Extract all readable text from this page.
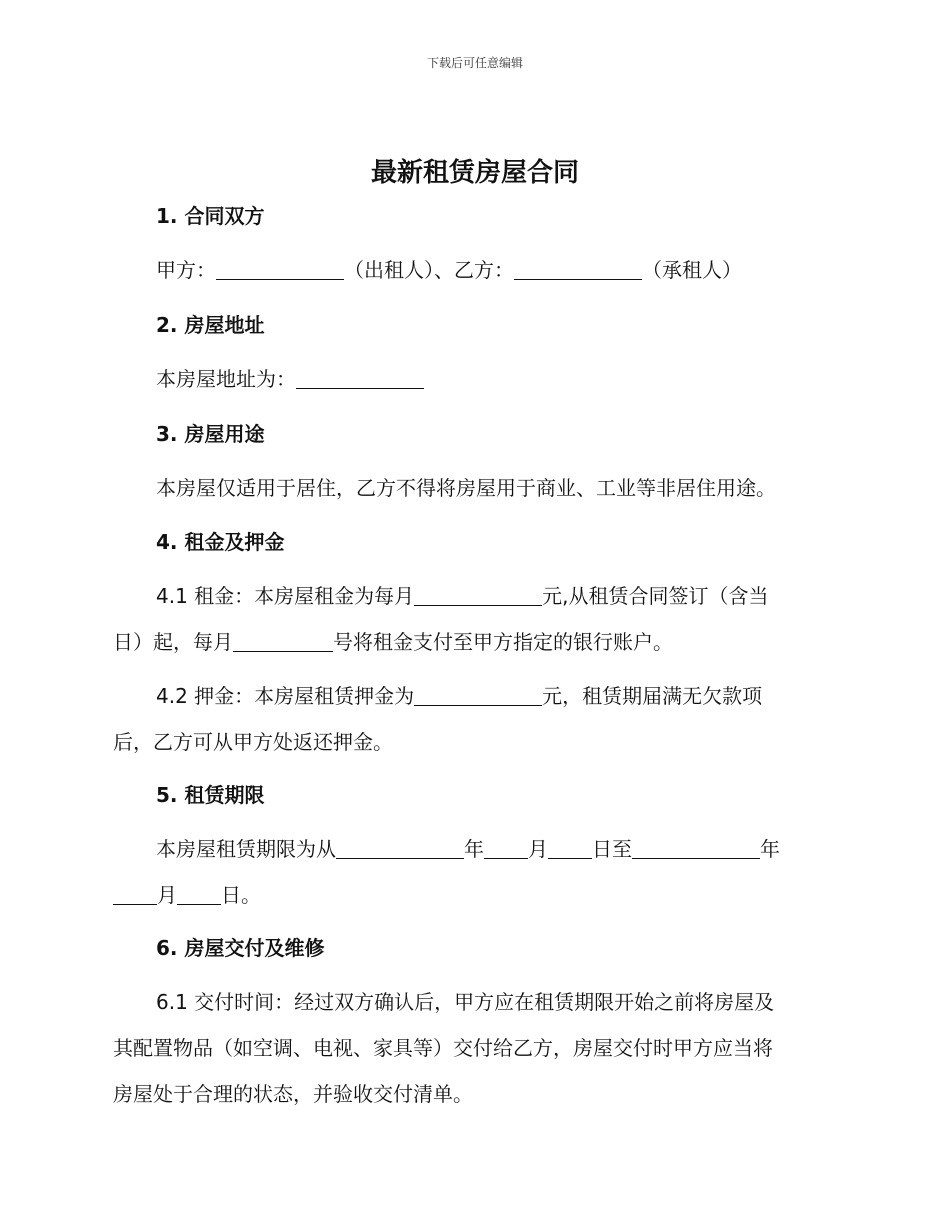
下载后可任意编辑
最新租赁房屋合同
1. 合同双方

甲方：	（出租人）、乙方：	（承租人）

2. 房屋地址

本房屋地址为：

3. 房屋用途

本房屋仅适用于居住，乙方不得将房屋用于商业、工业等非居住用途。

4. 租金及押金

4.1 租金：本房屋租金为每月	元,从租赁合同签订（含当

日）起，每月	号将租金支付至甲方指定的银行账户。

4.2 押金：本房屋租赁押金为	元，租赁期届满无欠款项

后，乙方可从甲方处返还押金。

5. 租赁期限

本房屋租赁期限为从	年 月 日至	年

月 日。

6. 房屋交付及维修

6.1 交付时间：经过双方确认后，甲方应在租赁期限开始之前将房屋及

其配置物品（如空调、电视、家具等）交付给乙方，房屋交付时甲方应当将

房屋处于合理的状态，并验收交付清单。
